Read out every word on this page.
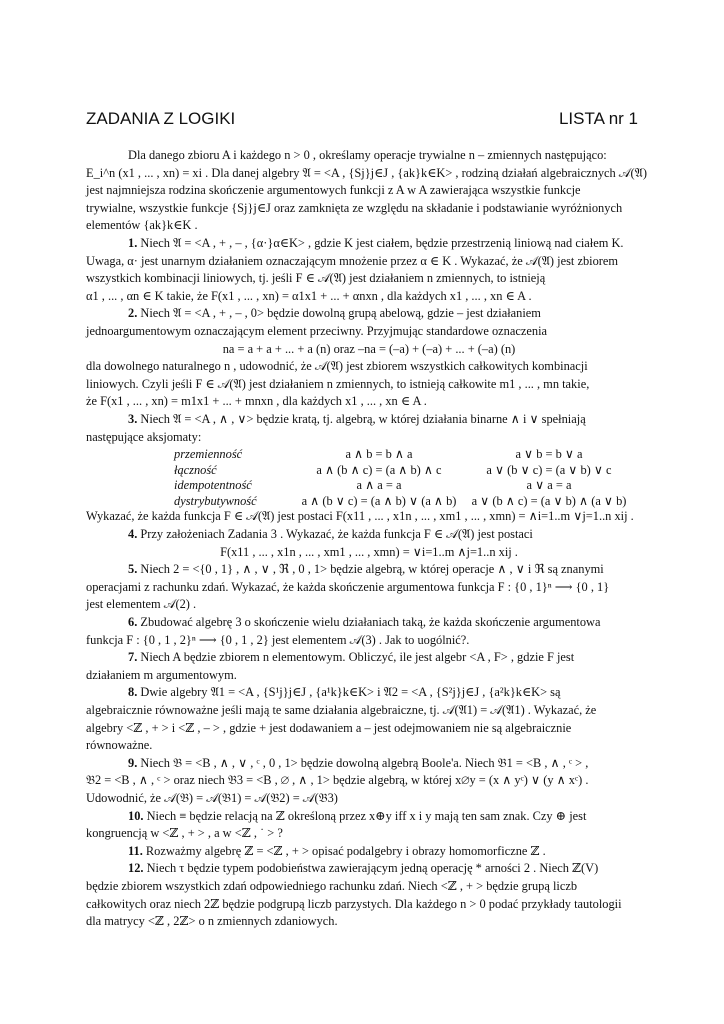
ZADANIA Z LOGIKI	LISTA nr 1

Dla danego zbioru A i każdego n > 0 , określamy operacje trywialne n – zmiennych następująco:

E_i^n (x1 , ... , xn) = xi . Dla danej algebry 𝔄 = <A , {Sj}j∈J , {ak}k∈K> , rodziną działań algebraicznych 𝒜(𝔄)

jest najmniejsza rodzina skończenie argumentowych funkcji z A w A zawierająca wszystkie funkcje

trywialne, wszystkie funkcje {Sj}j∈J oraz zamknięta ze względu na składanie i podstawianie wyróżnionych

elementów {ak}k∈K .

1. Niech 𝔄 = <A , + , – , {α·}α∈K> , gdzie K jest ciałem, będzie przestrzenią liniową nad ciałem K.

Uwaga, α· jest unarnym działaniem oznaczającym mnożenie przez α ∈ K . Wykazać, że 𝒜(𝔄) jest zbiorem

wszystkich kombinacji liniowych, tj. jeśli F ∈ 𝒜(𝔄) jest działaniem n zmiennych, to istnieją

α1 , ... , αn ∈ K takie, że F(x1 , ... , xn) = α1x1 + ... + αnxn , dla każdych x1 , ... , xn ∈ A .

2. Niech 𝔄 = <A , + , – , 0> będzie dowolną grupą abelową, gdzie – jest działaniem

jednoargumentowym oznaczającym element przeciwny. Przyjmując standardowe oznaczenia

na = a + a + ... + a (n) oraz –na = (–a) + (–a) + ... + (–a) (n)

dla dowolnego naturalnego n , udowodnić, że 𝒜(𝔄) jest zbiorem wszystkich całkowitych kombinacji

liniowych. Czyli jeśli F ∈ 𝒜(𝔄) jest działaniem n zmiennych, to istnieją całkowite m1 , ... , mn takie,

że F(x1 , ... , xn) = m1x1 + ... + mnxn , dla każdych x1 , ... , xn ∈ A .

3. Niech 𝔄 = <A , ∧ , ∨> będzie kratą, tj. algebrą, w której działania binarne ∧ i ∨ spełniają

następujące aksjomaty:

przemienność	a ∧ b = b ∧ a	a ∨ b = b ∨ a
łączność	a ∧ (b ∧ c) = (a ∧ b) ∧ c	a ∨ (b ∨ c) = (a ∨ b) ∨ c
idempotentność	a ∧ a = a	a ∨ a = a
dystrybutywność	a ∧ (b ∨ c) = (a ∧ b) ∨ (a ∧ b)	a ∨ (b ∧ c) = (a ∨ b) ∧ (a ∨ b)

Wykazać, że każda funkcja F ∈ 𝒜(𝔄) jest postaci F(x11 , ... , x1n , ... , xm1 , ... , xmn) = ∧i=1..m ∨j=1..n xij .

4. Przy założeniach Zadania 3 . Wykazać, że każda funkcja F ∈ 𝒜(𝔄) jest postaci

F(x11 , ... , x1n , ... , xm1 , ... , xmn) = ∨i=1..m ∧j=1..n xij .

5. Niech 2 = <{0 , 1} , ∧ , ∨ , ℜ , 0 , 1> będzie algebrą, w której operacje ∧ , ∨ i ℜ są znanymi

operacjami z rachunku zdań. Wykazać, że każda skończenie argumentowa funkcja F : {0 , 1}ⁿ ⟶ {0 , 1}

jest elementem 𝒜(2) .

6. Zbudować algebrę 3 o skończenie wielu działaniach taką, że każda skończenie argumentowa

funkcja F : {0 , 1 , 2}ⁿ ⟶ {0 , 1 , 2} jest elementem 𝒜(3) . Jak to uogólnić?.

7. Niech A będzie zbiorem n elementowym. Obliczyć, ile jest algebr <A , F> , gdzie F jest

działaniem m argumentowym.

8. Dwie algebry 𝔄1 = <A , {S¹j}j∈J , {a¹k}k∈K> i 𝔄2 = <A , {S²j}j∈J , {a²k}k∈K> są

algebraicznie równoważne jeśli mają te same działania algebraiczne, tj. 𝒜(𝔄1) = 𝒜(𝔄1) . Wykazać, że

algebry <ℤ , + > i <ℤ , – > , gdzie + jest dodawaniem a – jest odejmowaniem nie są algebraicznie

równoważne.

9. Niech 𝔅 = <B , ∧ , ∨ , ᶜ , 0 , 1> będzie dowolną algebrą Boole'a. Niech 𝔅1 = <B , ∧ , ᶜ > ,

𝔅2 = <B , ∧ , ᶜ > oraz niech 𝔅3 = <B , ∅ , ∧ , 1> będzie algebrą, w której x∅y = (x ∧ yᶜ) ∨ (y ∧ xᶜ) .

Udowodnić, że 𝒜(𝔅) = 𝒜(𝔅1) = 𝒜(𝔅2) = 𝒜(𝔅3)

10. Niech ≡ będzie relacją na ℤ określoną przez x⊕y iff x i y mają ten sam znak. Czy ⊕ jest

kongruencją w <ℤ , + > , a w <ℤ , ˙ > ?

11. Rozważmy algebrę ℤ = <ℤ , + > opisać podalgebry i obrazy homomorficzne ℤ .

12. Niech τ będzie typem podobieństwa zawierającym jedną operację * arności 2 . Niech ℤ(V)

będzie zbiorem wszystkich zdań odpowiedniego rachunku zdań. Niech <ℤ , + > będzie grupą liczb

całkowitych oraz niech 2ℤ będzie podgrupą liczb parzystych. Dla każdego n > 0 podać przykłady tautologii

dla matrycy <ℤ , 2ℤ> o n zmiennych zdaniowych.
